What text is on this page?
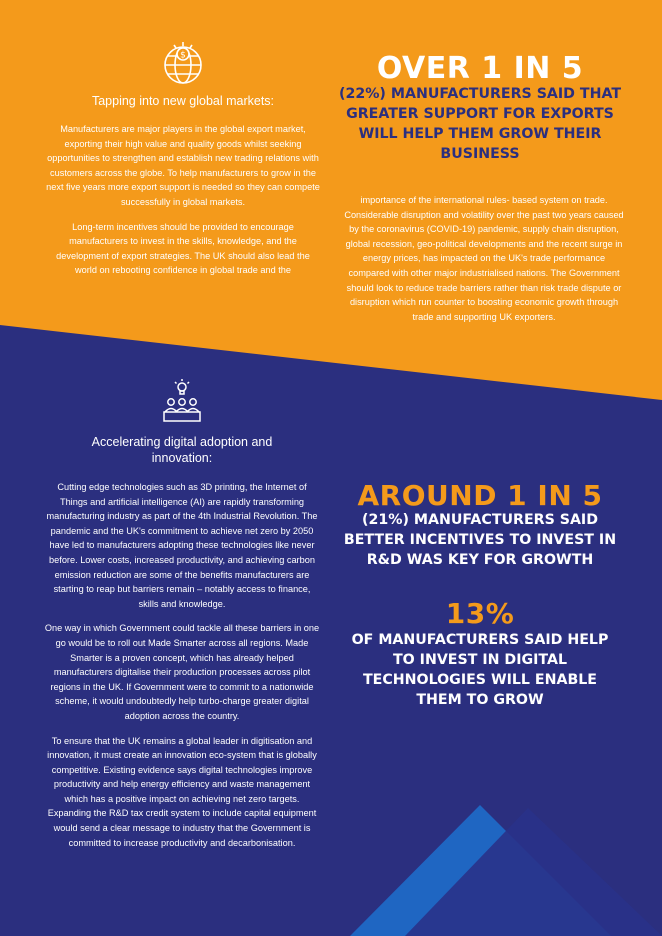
$
Tapping into new global markets:

Manufacturers are major players in the global export market, exporting their high value and quality goods whilst seeking opportunities to strengthen and establish new trading relations with customers across the globe. To help manufacturers to grow in the next five years more export support is needed so they can compete successfully in global markets.

Long-term incentives should be provided to encourage manufacturers to invest in the skills, knowledge, and the development of export strategies. The UK should also lead the world on rebooting confidence in global trade and the

OVER 1 IN 5
(22%) MANUFACTURERS SAID THAT GREATER SUPPORT FOR EXPORTS WILL HELP THEM GROW THEIR BUSINESS

importance of the international rules- based system on trade. Considerable disruption and volatility over the past two years caused by the coronavirus (COVID-19) pandemic, supply chain disruption, global recession, geo-political developments and the recent surge in energy prices, has impacted on the UK's trade performance compared with other major industrialised nations. The Government should look to reduce trade barriers rather than risk trade dispute or disruption which run counter to boosting economic growth through trade and supporting UK exporters.

Accelerating digital adoption and innovation:

Cutting edge technologies such as 3D printing, the Internet of Things and artificial intelligence (AI) are rapidly transforming manufacturing industry as part of the 4th Industrial Revolution. The pandemic and the UK's commitment to achieve net zero by 2050 have led to manufacturers adopting these technologies like never before. Lower costs, increased productivity, and achieving carbon emission reduction are some of the benefits manufacturers are starting to reap but barriers remain – notably access to finance, skills and knowledge.

One way in which Government could tackle all these barriers in one go would be to roll out Made Smarter across all regions. Made Smarter is a proven concept, which has already helped manufacturers digitalise their production processes across pilot regions in the UK. If Government were to commit to a nationwide scheme, it would undoubtedly help turbo-charge greater digital adoption across the country.

To ensure that the UK remains a global leader in digitisation and innovation, it must create an innovation eco-system that is globally competitive. Existing evidence says digital technologies improve productivity and help energy efficiency and waste management which has a positive impact on achieving net zero targets. Expanding the R&D tax credit system to include capital equipment would send a clear message to industry that the Government is committed to increase productivity and decarbonisation.

AROUND 1 IN 5
(21%) MANUFACTURERS SAID BETTER INCENTIVES TO INVEST IN R&D WAS KEY FOR GROWTH
13%
OF MANUFACTURERS SAID HELP TO INVEST IN DIGITAL TECHNOLOGIES WILL ENABLE THEM TO GROW
